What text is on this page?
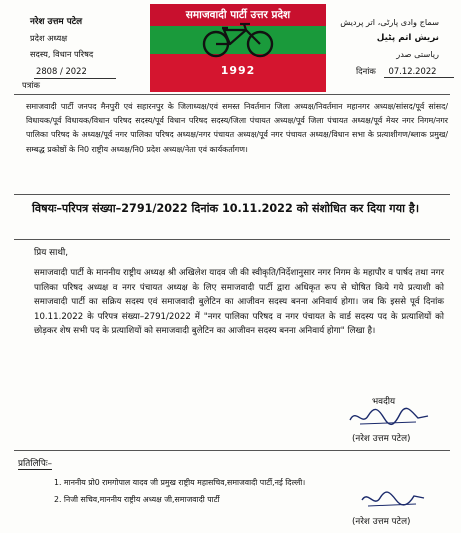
नरेश उत्तम पटेल
प्रदेश अध्यक्ष
सदस्य, विधान परिषद
समाजवादी पार्टी उत्तर प्रदेश
1992
سماج وادی پارٹی، اتر پردیش
نریش اتم پٹیل
ریاستی صدر
2808 / 2022
पत्रांक
दिनांक 07.12.2022
समाजवादी पार्टी जनपद मैनपुरी एवं सहारनपुर के जिलाध्यक्ष/एवं समस्त निवर्तमान जिला अध्यक्ष/निवर्तमान महानगर अध्यक्ष/सांसद/पूर्व सांसद/विधायक/पूर्व विधायक/विधान परिषद सदस्य/पूर्व विधान परिषद सदस्य/जिला पंचायत अध्यक्ष/पूर्व जिला पंचायत अध्यक्ष/पूर्व मेयर नगर निगम/नगर पालिका परिषद के अध्यक्ष/पूर्व नगर पालिका परिषद अध्यक्ष/नगर पंचायत अध्यक्ष/पूर्व नगर पंचायत अध्यक्ष/विधान सभा के प्रत्याशीगण/ब्लाक प्रमुख/सम्बद्ध प्रकोष्ठों के नि0 राष्ट्रीय अध्यक्ष/नि0 प्रदेश अध्यक्ष/नेता एवं कार्यकर्तागण।
विषयः–परिपत्र संख्या–2791/2022 दिनांक 10.11.2022 को संशोधित कर दिया गया है।
प्रिय साथी,
समाजवादी पार्टी के माननीय राष्ट्रीय अध्यक्ष श्री अखिलेश यादव जी की स्वीकृति/निर्देशानुसार नगर निगम के महापौर व पार्षद तथा नगर पालिका परिषद अध्यक्ष व नगर पंचायत अध्यक्ष के लिए समाजवादी पार्टी द्वारा अधिकृत रूप से घोषित किये गये प्रत्याशी को समाजवादी पार्टी का सक्रिय सदस्य एवं समाजवादी बुलेटिन का आजीवन सदस्य बनना अनिवार्य होगा। जब कि इससे पूर्व दिनांक 10.11.2022 के परिपत्र संख्या–2791/2022 में "नगर पालिका परिषद व नगर पंचायत के वार्ड सदस्य पद के प्रत्याशियों को छोड़कर शेष सभी पद के प्रत्याशियों को समाजवादी बुलेटिन का आजीवन सदस्य बनना अनिवार्य होगा" लिखा है।
भवदीय
(नरेश उत्तम पटेल)
प्रतिलिपिः–
1. माननीय प्रो0 रामगोपाल यादव जी प्रमुख राष्ट्रीय महासचिव,समाजवादी पार्टी,नई दिल्ली।
2. निजी सचिव,माननीय राष्ट्रीय अध्यक्ष जी,समाजवादी पार्टी
(नरेश उत्तम पटेल)
